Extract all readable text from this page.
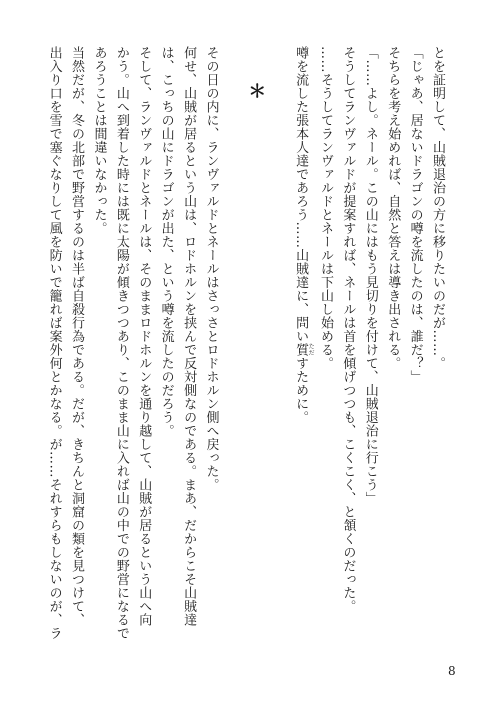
とを証明して、山賊退治の方に移りたいのだが……。
「じゃあ、居ないドラゴンの噂を流したのは、誰だ？」
そちらを考え始めれば、自然と答えは導き出される。
「……よし。ネール。この山にはもう見切りを付けて、山賊退治に行こう」
そうしてランヴァルドが提案すれば、ネールは首を傾げつつも、こくこく、と頷くのだった。
……そうしてランヴァルドとネールは下山し始める。
噂を流した張本人達であろう……山賊達に、問い質 ただすために。
＊
その日の内に、ランヴァルドとネールはさっさとロドホルン側へ戻った。
何せ、山賊が居るという山は、ロドホルンを挟んで反対側なのである。まあ、だからこそ山賊達
は、こっちの山にドラゴンが出た、という噂を流したのだろう。
そして、ランヴァルドとネールは、そのままロドホルンを通り越して、山賊が居るという山へ向
かう。山へ到着した時には既に太陽が傾きつつあり、このまま山に入れば山の中での野営になるで
あろうことは間違いなかった。
当然だが、冬の北部で野営するのは半ば自殺行為である。だが、きちんと洞窟の類を見つけて、
出入り口を雪で塞ぐなりして風を防いで籠れば案外何とかなる。が……それすらもしないのが、ラ
8
